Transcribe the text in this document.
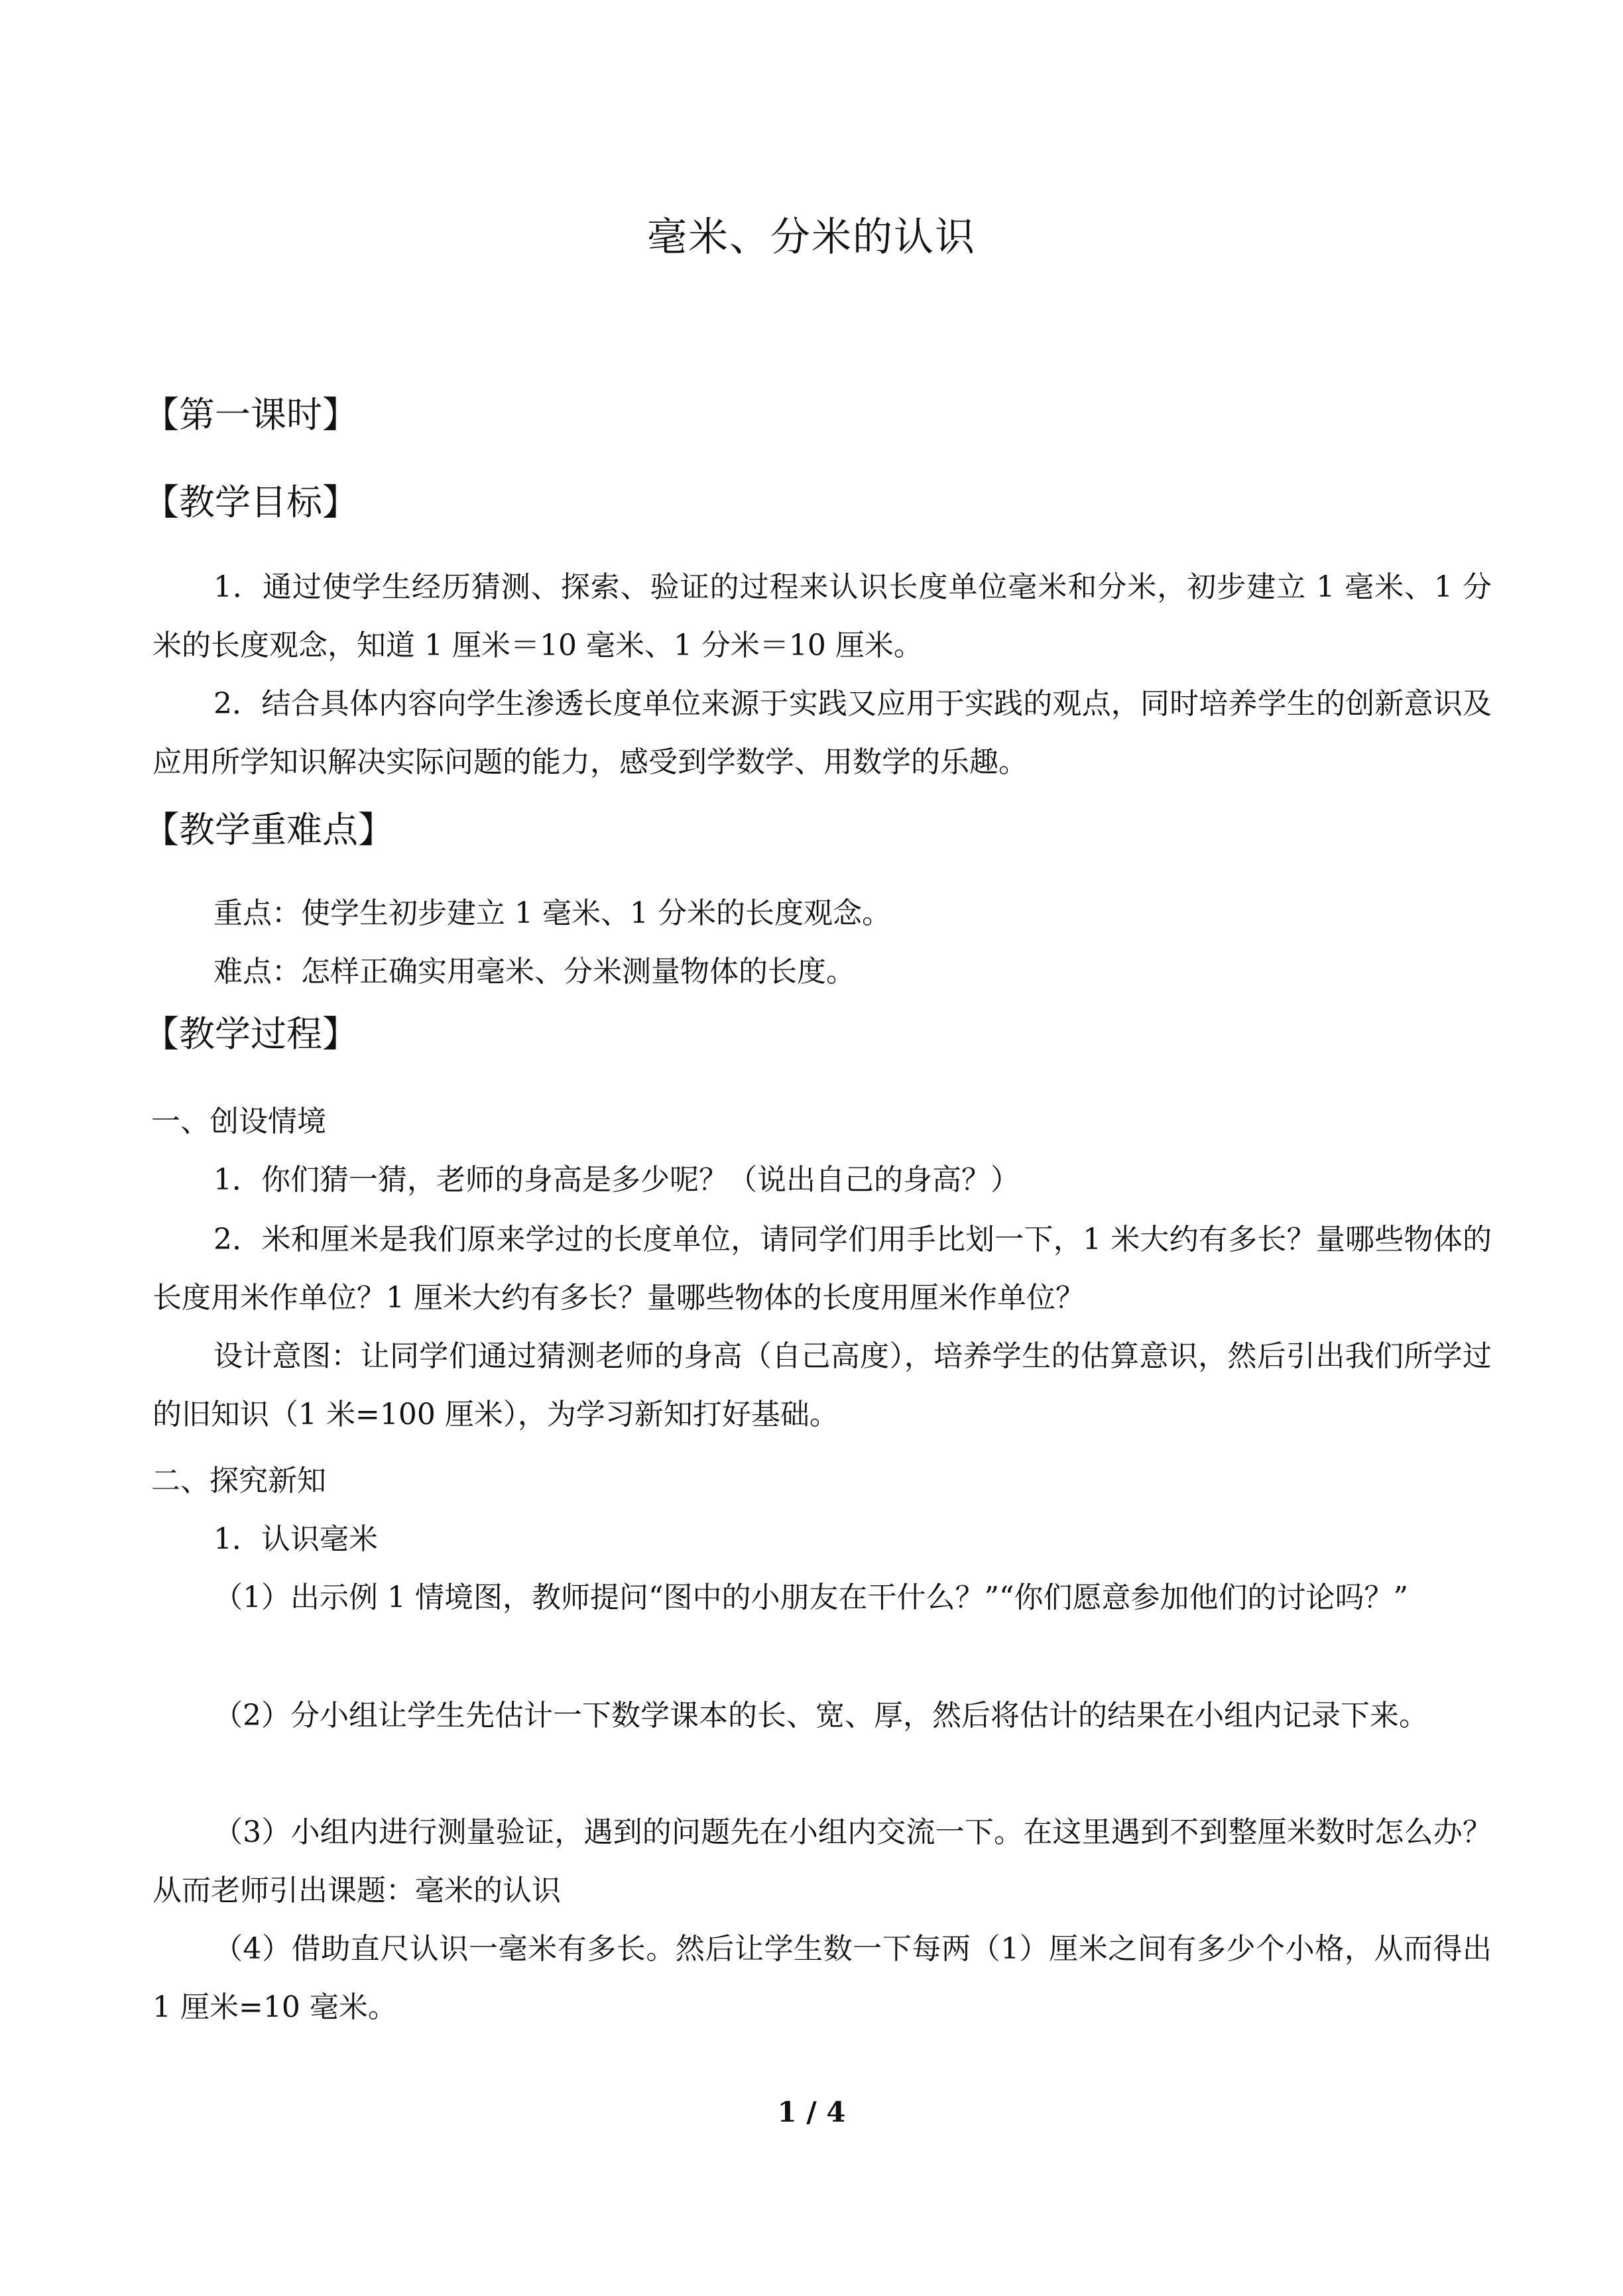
毫米、分米的认识
【第一课时】
【教学目标】

1．通过使学生经历猜测、探索、验证的过程来认识长度单位毫米和分米，初步建立 1 毫米、1 分米的长度观念，知道 1 厘米＝10 毫米、1 分米＝10 厘米。

2．结合具体内容向学生渗透长度单位来源于实践又应用于实践的观点，同时培养学生的创新意识及应用所学知识解决实际问题的能力，感受到学数学、用数学的乐趣。

【教学重难点】
重点：使学生初步建立 1 毫米、1 分米的长度观念。
难点：怎样正确实用毫米、分米测量物体的长度。
【教学过程】
一、创设情境
1．你们猜一猜，老师的身高是多少呢？（说出自己的身高？）

2．米和厘米是我们原来学过的长度单位，请同学们用手比划一下，1 米大约有多长？量哪些物体的长度用米作单位？1 厘米大约有多长？量哪些物体的长度用厘米作单位？

设计意图：让同学们通过猜测老师的身高（自己高度），培养学生的估算意识，然后引出我们所学过的旧知识（1 米=100 厘米），为学习新知打好基础。

二、探究新知
1．认识毫米

（1）出示例 1 情境图，教师提问“图中的小朋友在干什么？”“你们愿意参加他们的讨论吗？”

（2）分小组让学生先估计一下数学课本的长、宽、厚，然后将估计的结果在小组内记录下来。

（3）小组内进行测量验证，遇到的问题先在小组内交流一下。在这里遇到不到整厘米数时怎么办？从而老师引出课题：毫米的认识

（4）借助直尺认识一毫米有多长。然后让学生数一下每两（1）厘米之间有多少个小格，从而得出 1 厘米=10 毫米。

1 / 4
